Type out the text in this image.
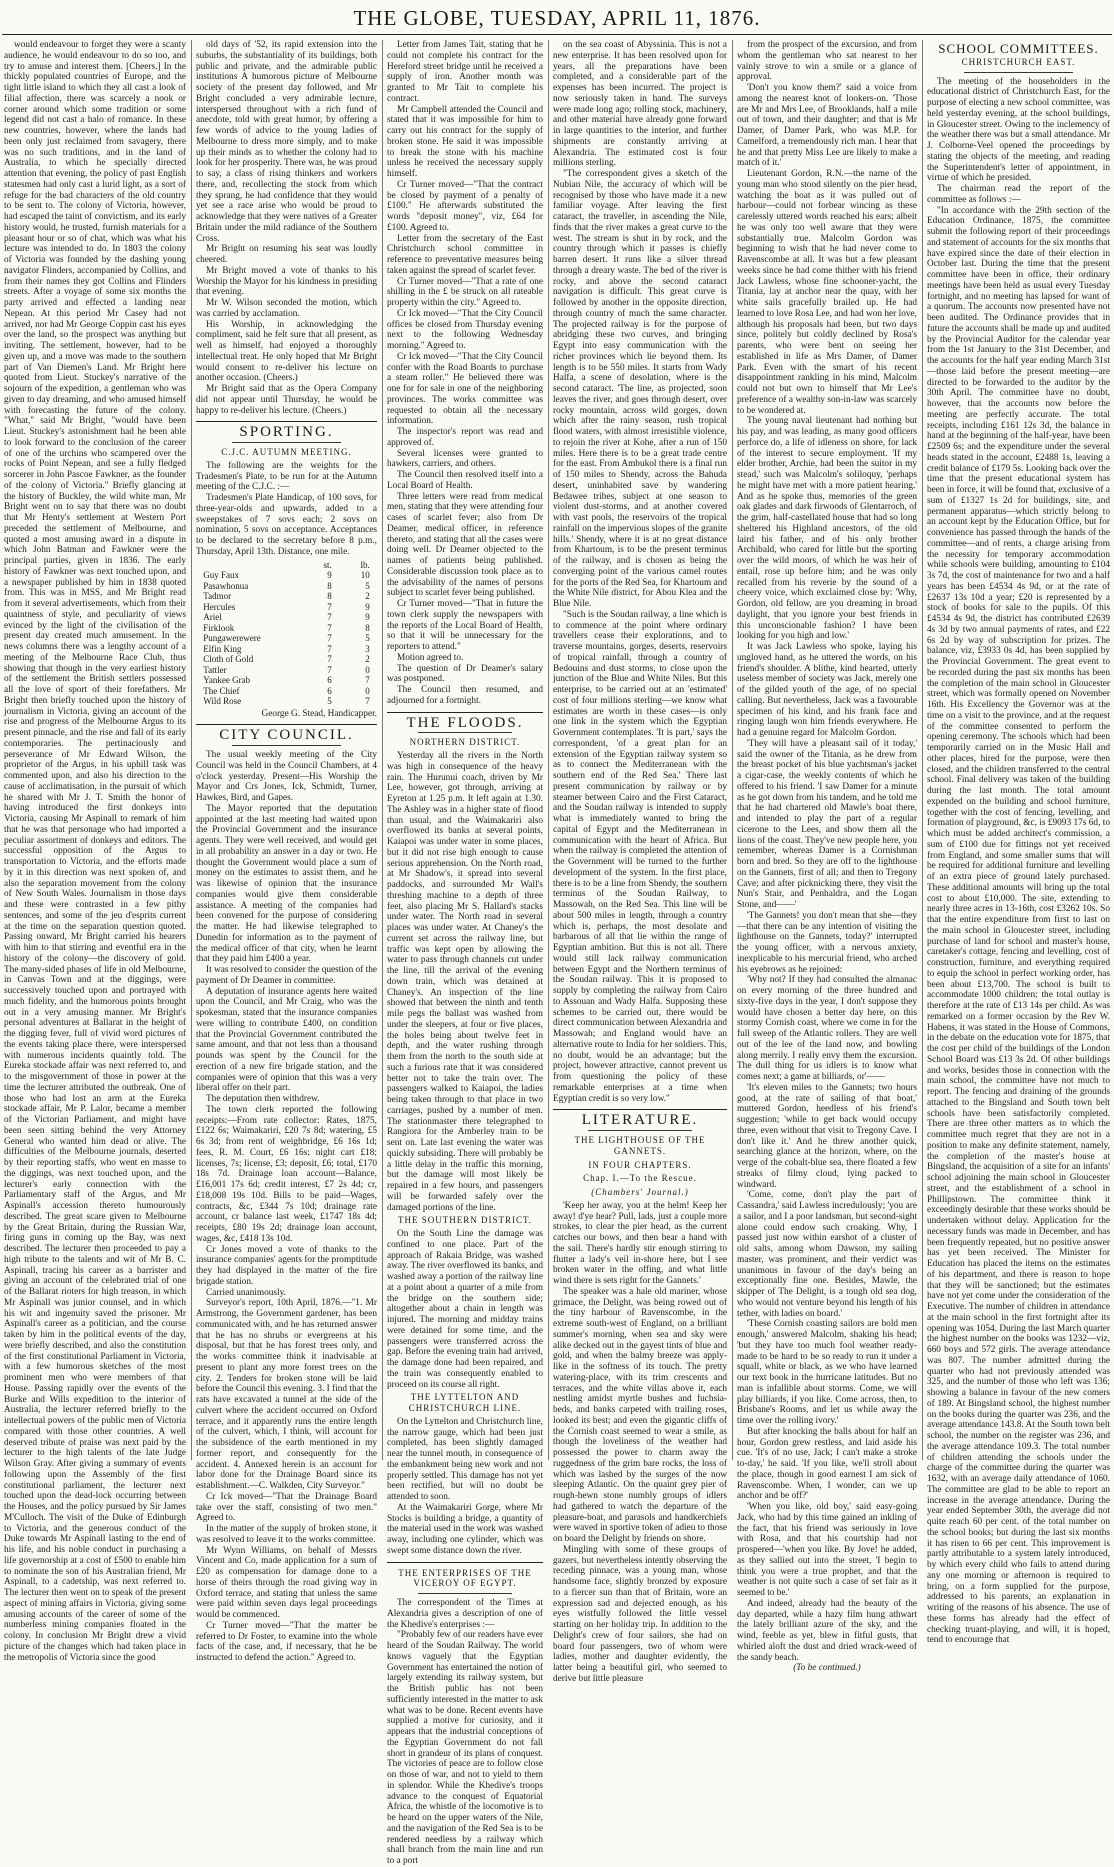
THE GLOBE, TUESDAY, APRIL 11, 1876.

would endeavour to forget they were a scanty audience, he would endeavour to do so too, and try to amuse and interest them. [Cheers.] In the thickly populated countries of Europe, and the tight little island to which they all cast a look of filial affection, there was scarcely a nook or corner around which some tradition or some legend did not cast a halo of romance. In these new countries, however, where the lands had been only just reclaimed from savagery, there was no such traditions, and in the land of Australia, to which he specially directed attention that evening, the policy of past English statesmen had only cast a lurid light, as a sort of refuge for the bad characters of the old country to be sent to. The colony of Victoria, however, had escaped the taint of convictism, and its early history would, he trusted, furnish materials for a pleasant hour or so of chat, which was what his lecture was intended to do. In 1803 the colony of Victoria was founded by the dashing young navigator Flinders, accompanied by Collins, and from their names they got Collins and Flinders streets. After a voyage of some six months the party arrived and effected a landing near Nepean. At this period Mr Casey had not arrived, nor had Mr George Coppin cast his eyes over the land, so the prospect was anything but inviting. The settlement, however, had to be given up, and a move was made to the southern part of Van Diemen's Land. Mr Bright here quoted from Lieut. Stuckey's narrative of the sojourn of the expedition, a gentleman who was given to day dreaming, and who amused himself with forecasting the future of the colony. "What," said Mr Bright, "would have been Lieut. Stuckey's astonishment had he been able to look forward to the conclusion of the career of one of the urchins who scampered over the rocks of Point Nepean, and see a fully fledged sorcerer in John Pascoe Fawkner, as the founder of the colony of Victoria." Briefly glancing at the history of Buckley, the wild white man, Mr Bright went on to say that there was no doubt that Mr Henty's settlement at Western Port preceded the settlement of Melbourne, and quoted a most amusing award in a dispute in which John Batman and Fawkner were the principal parties, given in 1836. The early history of Fawkner was next touched upon, and a newspaper published by him in 1838 quoted from. This was in MSS, and Mr Bright read from it several advertisements, which from their quaintness of style, and peculiarity of views evinced by the light of the civilisation of the present day created much amusement. In the news columns there was a lengthy account of a meeting of the Melbourne Race Club, thus showing that though in the very earliest history of the settlement the British settlers possessed all the love of sport of their forefathers. Mr Bright then briefly touched upon the history of journalism in Victoria, giving an account of the rise and progress of the Melbourne Argus to its present pinnacle, and the rise and fall of its early contemporaries. The pertinaciously and perseverance of Mr Edward Wilson, the proprietor of the Argus, in his uphill task was commented upon, and also his direction to the cause of acclimatisation, in the pursuit of which he shared with Mr J. T. Smith the honor of having introduced the first donkeys into Victoria, causing Mr Aspinall to remark of him that he was that personage who had imported a peculiar assortment of donkeys and editors. The successful opposition of the Argus to transportation to Victoria, and the efforts made by it in this direction was next spoken of, and also the separation movement from the colony of New South Wales. Journalism in those days and these were contrasted in a few pithy sentences, and some of the jeu d'esprits current at the time on the separation question quoted. Passing onward, Mr Bright carried his hearers with him to that stirring and eventful era in the history of the colony—the discovery of gold. The many-sided phases of life in old Melbourne, in Canvas Town and at the diggings, were successively touched upon and portrayed with much fidelity, and the humorous points brought out in a very amusing manner. Mr Bright's personal adventures at Ballarat in the height of the digging fever, full of vivid word pictures of the events taking place there, were interspersed with numerous incidents quaintly told. The Eureka stockade affair was next referred to, and to the misgovernment of those in power at the time the lecturer attributed the outbreak. One of those who had lost an arm at the Eureka stockade affair, Mr P. Lalor, became a member of the Victorian Parliament, and might have been seen sitting behind the very Attorney General who wanted him dead or alive. The difficulties of the Melbourne journals, deserted by their reporting staffs, who went en masse to the diggings, was next touched upon, and the lecturer's early connection with the Parliamentary staff of the Argus, and Mr Aspinall's accession thereto humourously described. The great scare given to Melbourne by the Great Britain, during the Russian War, firing guns in coming up the Bay, was next described. The lecturer then proceeded to pay a high tribute to the talents and wit of Mr B. C. Aspinall, tracing his career as a barrister and giving an account of the celebrated trial of one of the Ballarat rioters for high treason, in which Mr Aspinall was junior counsel, and in which his wit and ingenuity saved the prisoner. Mr Aspinall's career as a politician, and the course taken by him in the political events of the day, were briefly described, and also the constitution of the first constitutional Parliament in Victoria, with a few humorous sketches of the most prominent men who were members of that House. Passing rapidly over the events of the Burke and Wills expedition to the interior of Australia, the lecturer referred briefly to the intellectual powers of the public men of Victoria compared with those other countries. A well deserved tribute of praise was next paid by the lecturer to the high talents of the late Judge Wilson Gray. After giving a summary of events following upon the Assembly of the first constitutional parliament, the lecturer next touched upon the dead-lock occurring between the Houses, and the policy pursued by Sir James M'Culloch. The visit of the Duke of Edinburgh to Victoria, and the generous conduct of the Duke towards Mr Aspinall lasting to the end of his life, and his noble conduct in purchasing a life governorship at a cost of £500 to enable him to nominate the son of his Australian friend, Mr Aspinall, to a cadetship, was next referred to. The lecturer then went on to speak of the present aspect of mining affairs in Victoria, giving some amusing accounts of the career of some of the numberless mining companies floated in the colony. In conclusion Mr Bright drew a vivid picture of the changes which had taken place in the metropolis of Victoria since the good

old days of '52, its rapid extension into the suburbs, the substantiality of its buildings, both public and private, and the admirable public institutions A humorous picture of Melbourne society of the present day followed, and Mr Bright concluded a very admirable lecture, interspersed throughout with a rich fund of anecdote, told with great humor, by offering a few words of advice to the young ladies of Melbourne to dress more simply, and to make up their minds as to whether the colony had to look for her prosperity. There was, he was proud to say, a class of rising thinkers and workers there, and, recollecting the stock from which they sprang, he had confidence that they would yet see a race arise who would be proud to acknowledge that they were natives of a Greater Britain under the mild radiance of the Southern Cross.

Mr Bright on resuming his seat was loudly cheered.

Mr Bright moved a vote of thanks to his Worship the Mayor for his kindness in presiding that evening.

Mr W. Wilson seconded the motion, which was carried by acclamation.

His Worship, in acknowledging the compliment, said he felt sure that all present, as well as himself, had enjoyed a thoroughly intellectual treat. He only hoped that Mr Bright would consent to re-deliver his lecture on another occasion. (Cheers.)

Mr Bright said that as the Opera Company did not appear until Thursday, he would be happy to re-deliver his lecture. (Cheers.)

SPORTING.
C.J.C. AUTUMN MEETING.

The following are the weights for the Tradesmen's Plate, to be run for at the Autumn meeting of the C.J.C. :—

Tradesmen's Plate Handicap, of 100 sovs, for three-year-olds and upwards, added to a sweepstakes of 7 sovs each; 2 sovs on nomination, 5 sovs on acceptance. Acceptances to be declared to the secretary before 8 p.m., Thursday, April 13th. Distance, one mile.

	st.	lb.
Guy Faux	9	10
Pasawhonua	8	5
Tadmor	8	2
Hercules	7	9
Ariel	7	9
Firklook	7	8
Pungawerewere	7	5
Elfin King	7	3
Cloth of Gold	7	2
Tattler	7	0
Yankee Grab	6	7
The Chief	6	0
Wild Rose	5	7

George G. Stead, Handicapper.

CITY COUNCIL.

The usual weekly meeting of the City Council was held in the Council Chambers, at 4 o'clock yesterday. Present—His Worship the Mayor and Crs Jones, Ick, Schmidt, Turner, Hawkes, Bird, and Gapes.

The Mayor reported that the deputation appointed at the last meeting had waited upon the Provincial Government and the insurance agents. They were well received, and would get in all probability an answer in a day or two. He thought the Government would place a sum of money on the estimates to assist them, and he was likewise of opinion that the insurance companies would give them considerable assistance. A meeting of the companies had been convened for the purpose of considering the matter. He had likewise telegraphed to Dunedin for information as to the payment of the medical officer of that city, when he learnt that they paid him £400 a year.

It was resolved to consider the question of the payment of Dr Deamer in committee.

A deputation of insurance agents here waited upon the Council, and Mr Craig, who was the spokesman, stated that the insurance companies were willing to contribute £400, on condition that the Provincial Government contributed the same amount, and that not less than a thousand pounds was spent by the Council for the erection of a new fire brigade station, and the companies were of opinion that this was a very liberal offer on their part.

The deputation then withdrew.

The town clerk reported the following receipts:—From rate collector: Rates, 1875, £122 6s; Waimakariri, £20 7s 8d; watering, £5 6s 3d; from rent of weighbridge, £6 16s 1d; fees, R. M. Court, £6 16s; night cart £18; licenses, 7s; license, £3; deposit, £6; total, £170 18s 7d. Drainage loan account—Balance, £16,001 17s 6d; credit interest, £7 2s 4d; cr, £18,008 19s 10d. Bills to be paid—Wages, contracts, &c, £344 7s 10d; drainage rate account, cr balance last week, £1747 18s 4d; receipts, £80 19s 2d; drainage loan account, wages, &c, £418 13s 10d.

Cr Jones moved a vote of thanks to the insurance companies' agents for the promptitude they had displayed in the matter of the fire brigade station.

Carried unanimously.

Surveyor's report, 10th April, 1876.—"1. Mr Armstrong, the Government gardener, has been communicated with, and he has returned answer that he has no shrubs or evergreens at his disposal, but that he has forest trees only, and the works committee think it inadvisable at present to plant any more forest trees on the city. 2. Tenders for broken stone will be laid before the Council this evening. 3. I find that the rats have excavated a tunnel at the side of the culvert where the accident occurred on Oxford terrace, and it apparently runs the entire length of the culvert, which, I think, will account for the subsidence of the earth mentioned in my former report, and consequently for the accident. 4. Annexed herein is an account for labor done for the Drainage Board since its establishment.—C. Walkden, City Surveyor."

Cr Ick moved—"That the Drainage Board take over the staff, consisting of two men." Agreed to.

In the matter of the supply of broken stone, it was resolved to leave it to the works committee.

Mr Wynn Williams, on behalf of Messrs Vincent and Co, made application for a sum of £20 as compensation for damage done to a horse of theirs through the road giving way in Oxford terrace, and stating that unless the same were paid within seven days legal proceedings would be commenced.

Cr Turner moved—"That the matter be referred to Dr Foster, to examine into the whole facts of the case, and, if necessary, that he be instructed to defend the action." Agreed to.

Letter from James Tait, stating that he could not complete his contract for the Hereford street bridge until he received a supply of iron. Another month was granted to Mr Tait to complete his contract.

Mr Campbell attended the Council and stated that it was impossible for him to carry out his contract for the supply of broken stone. He said it was impossible to break the stone with his machine unless he received the necessary supply himself.

Cr Turner moved—"That the contract be closed by payment of a penalty of £100." He afterwards substituted the words "deposit money", viz, £64 for £100. Agreed to.

Letter from the secretary of the East Christchurch school committee in reference to preventative measures being taken against the spread of scarlet fever.

Cr Turner moved—"That a rate of one shilling in the £ be struck on all rateable property within the city." Agreed to.

Cr Ick moved—"That the City Council offices be closed from Thursday evening next to the following Wednesday morning." Agreed to.

Cr Ick moved—"That the City Council confer with the Road Boards to purchase a steam roller." He believed there was one for for sale in one of the neighboring provinces. The works committee was requested to obtain all the necessary information.

The inspector's report was read and approved of.

Several licenses were granted to hawkers, carriers, and others.

The Council then resolved itself into a Local Board of Health.

Three letters were read from medical men, stating that they were attending four cases of scarlet fever; also from Dr Deamer, medical officer, in reference thereto, and stating that all the cases were doing well. Dr Deamer objected to the names of patients being published. Considerable discussion took place as to the advisability of the names of persons subject to scarlet fever being published.

Cr Turner moved—"That in future the town clerk supply the newspapers with the reports of the Local Board of Health, so that it will be unnecessary for the reporters to attend."

Motion agreed to.

The question of Dr Deamer's salary was postponed.

The Council then resumed, and adjourned for a fortnight.

THE FLOODS.
NORTHERN DISTRICT.

Yesterday all the rivers in the North was high in consequence of the heavy rain. The Hurunui coach, driven by Mr Lee, however, got through, arriving at Eyreton at 1.25 p.m. It left again at 1.30. The Ashley was in a higher state of flood than usual, and the Waimakariri also overflowed its banks at several points, Kaiapoi was under water in some places, but it did not rise high enough to cause serious apprehension. On the North road, at Mr Shadow's, it spread into several paddocks, and surrounded Mr Wall's threshing machine to a depth of three feet, also placing Mr S. Hallard's stacks under water. The North road in several places was under water. At Chaney's the current set across the railway line, but traffic was kept open by allowing the water to pass through channels cut under the line, till the arrival of the evening down train, which was detained at Chaney's. An inspection of the line showed that between the ninth and tenth mile pegs the ballast was washed from under the sleepers, at four or five places, the holes being about twelve feet in depth, and the water rushing through them from the north to the south side at such a furious rate that it was considered better not to take the train over. The passengers walked to Kaiapoi, the ladies being taken through to that place in two carriages, pushed by a number of men. The stationmaster there telegraphed to Rangiora for the Amberley train to be sent on. Late last evening the water was quickly subsiding. There will probably be a little delay in the traffic this morning, but the damage will most likely be repaired in a few hours, and passengers will be forwarded safely over the damaged portions of the line.

THE SOUTHERN DISTRICT.

On the South Line the damage was confined to one place. Part of the approach of Rakaia Bridge, was washed away. The river overflowed its banks, and washed away a portion of the railway line at a point about a quarter of a mile from the bridge on the southern side; altogether about a chain in length was injured. The morning and midday trains were detained for some time, and the passengers were transferred across the gap. Before the evening train had arrived, the damage done had been repaired, and the train was consequently enabled to proceed on its course all right.

THE LYTTELTON AND CHRISTCHURCH LINE.

On the Lyttelton and Christchurch line, the narrow gauge, which had been just completed, has been slightly damaged near the tunnel mouth, in consequence of the embankment being new work and not properly settled. This damage has not yet been rectified, but will no doubt be attended to soon.

At the Waimakariri Gorge, where Mr Stocks is building a bridge, a quantity of the material used in the work was washed away, including one cylinder, which was swept some distance down the river.

THE ENTERPRISES OF THE VICEROY OF EGYPT.

The correspondent of the Times at Alexandria gives a description of one of the Khedive's enterprises :—

"Probably few of our readers have ever heard of the Soudan Railway. The world knows vaguely that the Egyptian Government has entertained the notion of largely extending its railway system, but the British public has not been sufficiently interested in the matter to ask what was to be done. Recent events have supplied a motive for curiosity, and it appears that the industrial conceptions of the Egyptian Government do not fall short in grandeur of its plans of conquest. The victories of peace are to follow close on those of war, and not to yield to them in splendor. While the Khedive's troops advance to the conquest of Equatorial Africa, the whistle of the locomotive is to be heard on the upper waters of the Nile, and the navigation of the Red Sea is to be rendered needless by a railway which shall branch from the main line and run to a port

on the sea coast of Abyssinia. This is not a new enterprise. It has been resolved upon for years, all the preparations have been completed, and a considerable part of the expenses has been incurred. The project is now seriously taken in hand. The surveys were made long ago; rolling stock, machinery, and other material have already gone forward in large quantities to the interior, and further shipments are constantly arriving at Alexandria. The estimated cost is four millions sterling.

"The correspondent gives a sketch of the Nubian Nile, the accuracy of which will be recognised by those who have made it a new familiar voyage. After leaving the first cataract, the traveller, in ascending the Nile, finds that the river makes a great curve to the west. The stream is shut in by rock, and the country through which it passes is chiefly barren desert. It runs like a silver thread through a dreary waste. The bed of the river is rocky, and above the second cataract navigation is difficult. This great curve is followed by another in the opposite direction, through country of much the same character. The projected railway is for the purpose of abridging these two curves, and bringing Egypt into easy communication with the richer provinces which lie beyond them. Its length is to be 550 miles. It starts from Wady Halfa, a scene of desolation, where is the second cataract. 'The line, as projected, soon leaves the river, and goes through desert, over rocky mountain, across wild gorges, down which after the rainy season, rush tropical flood waters, with almost irresistible violence, to rejoin the river at Kohe, after a run of 150 miles. Here there is to be a great trade centre for the east. From Ambukol there is a final run of 150 miles to Shendy, across the Bahuda desert, uninhabited save by wandering Bedawee tribes, subject at one season to violent dust-storms, and at another covered with vast pools, the reservoirs of the tropical rainfall on the impervious slopes of the granite hills.' Shendy, where it is at no great distance from Khartoum, is to be the present terminus of the railway, and is chosen as being the converging point of the various camel routes for the ports of the Red Sea, for Khartoum and the White Nile district, for Abou Klea and the Blue Nile.

"Such is the Soudan railway, a line which is to commence at the point where ordinary travellers cease their explorations, and to traverse mountains, gorges, deserts, reservoirs of tropical rainfall, through a country of Bedouins and dust storms, to close upon the junction of the Blue and White Niles. But this enterprise, to be carried out at an 'estimated' cost of four millions sterling—we know what estimates are worth in these cases—is only one link in the system which the Egyptian Government contemplates. 'It is part,' says the correspondent, 'of a great plan for an extension of the Egyptian railway system so as to connect the Mediterranean with the southern end of the Red Sea.' There last present communication by railway or by steamer between Cairo and the First Cataract, and the Soudan railway is intended to supply what is immediately wanted to bring the capital of Egypt and the Mediterranean in communication with the heart of Africa. But when the railway is completed the attention of the Government will be turned to the further development of the system. In the first place, there is to be a line from Shendy, the southern terminus of the Soudan Railway, to Massowah, on the Red Sea. This line will be about 500 miles in length, through a country which is, perhaps, the most desolate and barbarous of all that lie within the range of Egyptian ambition. But this is not all. There would still lack railway communication between Egypt and the Northern terminus of the Soudan railway. This it is proposed to supply by completing the railway from Cairo to Assouan and Wady Halfa. Supposing these schemes to be carried out, there would be direct communication between Alexandria and Massowah; and England would have an alternative route to India for her soldiers. This, no doubt, would be an advantage; but the project, however attractive, cannot prevent us from questioning the policy of these remarkable enterprises at a time when Egyptian credit is so very low."

LITERATURE.
THE LIGHTHOUSE OF THE GANNETS.
IN FOUR CHAPTERS.
Chap. I.—To the Rescue.
(Chambers' Journal.)

'Keep her away, you at the helm! Keep her away! d'ye hear? Pull, lads, just a couple more strokes, to clear the pier head, as the current catches our bows, and then bear a hand with the sail. There's hardly stir enough stirring to flutter a lady's veil in-shore here, but I see broken water in the offing, and what little wind there is sets right for the Gannets.'

The speaker was a hale old mariner, whose grimace, the Delight, was being rowed out of the tiny harbour of Ravenscombe, in the extreme south-west of England, on a brilliant summer's morning, when sea and sky were alike decked out in the gayest tints of blue and gold, and when the balmy breeze was apply-like in the softness of its touch. The pretty watering-place, with its trim crescents and terraces, and the white villas above it, each nestling amidst myrtle bushes and fuchsia-beds, and banks carpeted with trailing roses, looked its best; and even the gigantic cliffs of the Cornish coast seemed to wear a smile, as though the loveliness of the weather had possessed the power to charm away the ruggedness of the grim bare rocks, the loss of which was lashed by the surges of the now sleeping Atlantic. On the quaint grey pier of rough-hewn stone numbly groups of idlers had gathered to watch the departure of the pleasure-boat, and parasols and handkerchiefs were waved in sportive token of adieu to those on board the Delight by friends on shore.

Mingling with some of these groups of gazers, but nevertheless intently observing the receding pinnace, was a young man, whose handsome face, slightly bronzed by exposure to a fiercer sun than that of Britain, wore an expression sad and dejected enough, as his eyes wistfully followed the little vessel starting on her holiday trip. In addition to the Delight's crew of four sailors, she had on board four passengers, two of whom were ladies, mother and daughter evidently, the latter being a beautiful girl, who seemed to derive but little pleasure

from the prospect of the excursion, and from whom the gentleman who sat nearest to her vainly strove to win a smile or a glance of approval.

'Don't you know them?' said a voice from among the nearest knot of lookers-on. 'Those are Mr and Mrs Lee, of Brooklands, half a mile out of town, and their daughter; and that is Mr Damer, of Damer Park, who was M.P. for Camelford, a tremendously rich man. I hear that he and that pretty Miss Lee are likely to make a match of it.'

Lieutenant Gordon, R.N.—the name of the young man who stood silently on the pier head, watching the boat as it was pulled out of harbour—could not forbear wincing as these carelessly uttered words reached his ears; albeit he was only too well aware that they were substantially true. Malcolm Gordon was beginning to wish that he had never come to Ravenscombe at all. It was but a few pleasant weeks since he had come thither with his friend Jack Lawless, whose fine schooner-yacht, the Titania, lay at anchor near the quay, with her white sails gracefully brailed up. He had learned to love Rosa Lee, and had won her love, although his proposals had been, but two days since, politely but coldly declined by Rosa's parents, who were bent on seeing her established in life as Mrs Damer, of Damer Park. Even with the smart of his recent disappointment rankling in his mind, Malcolm could not but own to himself that Mr Lee's preference of a wealthy son-in-law was scarcely to be wondered at.

The young naval lieutenant had nothing but his pay, and was leading, as many good officers perforce do, a life of idleness on shore, for lack of the interest to secure employment. 'If my elder brother, Archie, had been the suitor in my stead,' such was Malcolm's soliloquy, 'perhaps he might have met with a more patient hearing.' And as he spoke thus, memories of the green oak glades and dark firwoods of Glentarroch, of the grim, half-castellated house that had so long sheltered his Highland ancestors, of the old laird his father, and of his only brother Archibald, who cared for little but the sporting over the wild moors, of which he was heir of entail, rose up before him; and he was only recalled from his reverie by the sound of a cheery voice, which exclaimed close by: 'Why, Gordon, old fellow, are you dreaming in broad daylight, that you ignore your best friends in this unconscionable fashion? I have been looking for you high and low.'

It was Jack Lawless who spoke, laying his ungloved hand, as he uttered the words, on his friend's shoulder. A blithe, kind hearted, utterly useless member of society was Jack, merely one of the gilded youth of the age, of no special calling. But nevertheless, Jack was a favourable specimen of his kind, and his frank face and ringing laugh won him friends everywhere. He had a genuine regard for Malcolm Gordon.

'They will have a pleasant sail of it today,' said the owner of the Titania, as he drew from the breast pocket of his blue yachtsman's jacket a cigar-case, the weekly contents of which he offered to his friend. 'I saw Damer for a minute as he got down from his tandem, and he told me that he had chartered old Mawle's boat there, and intended to play the part of a regular cicerone to the Lees, and show them all the lions of the coast. They've new people here, you remember, whereas Damer is a Cornishman born and bred. So they are off to the lighthouse on the Gannets, first of all; and then to Tregony Cave; and after picknicking there, they visit the Nun's Stair, and Penhaldra, and the Logan Stone, and——'

'The Gannets! you don't mean that she—they—that there can be any intention of visiting the lighthouse on the Gannets, today?' interrupted the young officer, with a nervous anxiety, inexplicable to his mercurial friend, who arched his eyebrows as he rejoined:

'Why not? If they had consulted the almanac on every morning of the three hundred and sixty-five days in the year, I don't suppose they would have chosen a better day here, on this stormy Cornish coast, where we come in for the full sweep of the Atlantic rollers. They are well out of the lee of the land now, and bowling along merrily. I really envy them the excursion. The dull thing for us idlers is to know what comes next; a game at billiards, or'——

'It's eleven miles to the Gannets; two hours good, at the rate of sailing of that boat,' muttered Gordon, heedless of his friend's suggestion; 'while to get back would occupy three, even without that visit to Tregony Cave. I don't like it.' And he threw another quick, searching glance at the horizon, where, on the verge of the cobalt-blue sea, there floated a few streaks of filmy cloud, lying packed to windward.

'Come, come, don't play the part of Cassandra,' said Lawless incredulously; 'you are a sailor, and I a poor landsman, but second-sight alone could endow such croaking. Why, I passed just now within earshot of a cluster of old salts, among whom Dawson, my sailing master, was prominent, and their verdict was unanimous in favour of the day's being an exceptionally fine one. Besides, Mawle, the skipper of The Delight, is a tough old sea dog, who would not venture beyond his length of his tether, with ladies on board.'

'These Cornish coasting sailors are bold men enough,' answered Malcolm, shaking his head; 'but they have too much fool weather ready-made to be hard to be so ready to run it under a squall, white or black, as we who have learned our text book in the hurricane latitudes. But no man is infallible about storms. Come, we will play billiards, if you like. Come across, then, to Brisbane's Rooms, and let us while away the time over the rolling ivory.'

But after knocking the balls about for half an hour, Gordon grew restless, and laid aside his cue. 'It's of no use, Jack; I can't make a stroke to-day,' he said. 'If you like, we'll stroll about the place, though in good earnest I am sick of Ravenscombe. When, I wonder, can we up anchor and be off?'

'When you like, old boy,' said easy-going Jack, who had by this time gained an inkling of the fact, that his friend was seriously in love with Rosa, and that his courtship had not prospered—'when you like. By Jove! he added, as they sallied out into the street, 'I begin to think you were a true prophet, and that the weather is not quite such a case of set fair as it seemed to be.'

And indeed, already had the beauty of the day departed, while a hazy film hung athwart the lately brilliant azure of the sky, and the wind, feeble as yet, blew in fitful gusts, that whirled aloft the dust and dried wrack-weed of the sandy beach.

(To be continued.)

SCHOOL COMMITTEES.
CHRISTCHURCH EAST.

The meeting of the householders in the educational district of Christchurch East, for the purpose of electing a new school committee, was held yesterday evening, at the school buildings, in Gloucester street. Owing to the inclemency of the weather there was but a small attendance. Mr J. Colborne-Veel opened the proceedings by stating the objects of the meeting, and reading the Superintendent's letter of appointment, in virtue of which he presided.

The chairman read the report of the committee as follows :—

"In accordance with the 29th section of the Education Ordinance, 1875, the committee submit the following report of their proceedings and statement of accounts for the six months that have expired since the date of their election in October last. During the time that the present committee have been in office, their ordinary meetings have been held as usual every Tuesday fortnight, and no meeting has lapsed for want of a quorum. The accounts now presented have not been audited. The Ordinance provides that in future the accounts shall be made up and audited by the Provincial Auditor for the calendar year from the 1st January to the 31st December, and the accounts for the half year ending March 31st—those laid before the present meeting—are directed to be forwarded to the auditor by the 30th April. The committee have no doubt, however, that the accounts now before the meeting are perfectly accurate. The total receipts, including £161 12s 3d, the balance in hand at the beginning of the half-year, have been £2509 6s; and the expenditure under the several heads stated in the account, £2488 1s, leaving a credit balance of £179 5s. Looking back over the time that the present educational system has been in force, it will be found that, exclusive of a sum of £1327 1s 2d for buildings, site, and permanent apparatus—which strictly belong to an account kept by the Education Office, but for convenience has passed through the hands of the committee—and of rents, a charge arising from the necessity for temporary accommodation while schools were building, amounting to £104 3s 7d, the cost of maintenance for two and a half years has been £4534 4s 9d, or at the rate of £2637 13s 10d a year; £20 is represented by a stock of books for sale to the pupils. Of this £4534 4s 9d, the district has contributed £2639 4s 3d by two annual payments of rates, and £22 6s 2d by way of subscription for prizes. The balance, viz, £3933 0s 4d, has been supplied by the Provincial Government. The great event to be recorded during the past six months has been the completion of the main school in Gloucester street, which was formally opened on November 16th. His Excellency the Governor was at the time on a visit to the province, and at the request of the committee consented to perform the opening ceremony. The schools which had been temporarily carried on in the Music Hall and other places, hired for the purpose, were then closed, and the children transferred to the central school. Final delivery was taken of the building during the last month. The total amount expended on the building and school furniture, together with the cost of fencing, levelling, and formation of playground, &c, is £9093 17s 6d, to which must be added architect's commission, a sum of £100 due for fittings not yet received from England, and some smaller sums that will be required for additional furniture and levelling of an extra piece of ground lately purchased. These additional amounts will bring up the total cost to about £10,000. The site, extending to nearly three acres in 13-16th, cost £3262 10s. So that the entire expenditure from first to last on the main school in Gloucester street, including purchase of land for school and master's house, caretaker's cottage, fencing and levelling, cost of construction, furniture, and everything required to equip the school in perfect working order, has been about £13,700. The school is built to accommodate 1000 children; the total outlay is therefore at the rate of £13 14s per child. As was remarked on a former occasion by the Rev W. Habens, it was stated in the House of Commons, in the debate on the education vote for 1875, that the cost per child of the buildings of the London School Board was £13 3s 2d. Of other buildings and works, besides those in connection with the main school, the committee have not much to report. The fencing and draining of the grounds attached to the Bingsland and South town belt schools have been satisfactorily completed. There are three other matters as to which the committee much regret that they are not in a position to make any definite statement, namely, the completion of the master's house at Bingsland, the acquisition of a site for an infants' school adjoining the main school in Gloucester street, and the establishment of a school in Phillipstown. The committee think it exceedingly desirable that these works should be undertaken without delay. Application for the necessary funds was made in December, and has been frequently repeated, but no positive answer has yet been received. The Minister for Education has placed the items on the estimates of his department, and there is reason to hope that they will be sanctioned; but the estimates have not yet come under the consideration of the Executive. The number of children in attendance at the main school in the first fortnight after its opening was 1054. During the last March quarter the highest number on the books was 1232—viz, 660 boys and 572 girls. The average attendance was 807. The number admitted during the quarter who had not previously attended was 325, and the number of those who left was 136; showing a balance in favour of the new comers of 189. At Bingsland school, the highest number on the books during the quarter was 236, and the average attendance 143.8. At the South town belt school, the number on the register was 236, and the average attendance 109.3. The total number of children attending the schools under the charge of the committee during the quarter was 1632, with an average daily attendance of 1060. The committee are glad to be able to report an increase in the average attendance. During the year ended September 30th, the average did not quite reach 60 per cent. of the total number on the school books; but during the last six months it has risen to 66 per cent. This improvement is partly attributable to a system lately introduced, by which every child who fails to attend during any one morning or afternoon is required to bring, on a form supplied for the purpose, addressed to his parents, an explanation in writing of the reasons of his absence. The use of these forms has already had the effect of checking truant-playing, and will, it is hoped, tend to encourage that
